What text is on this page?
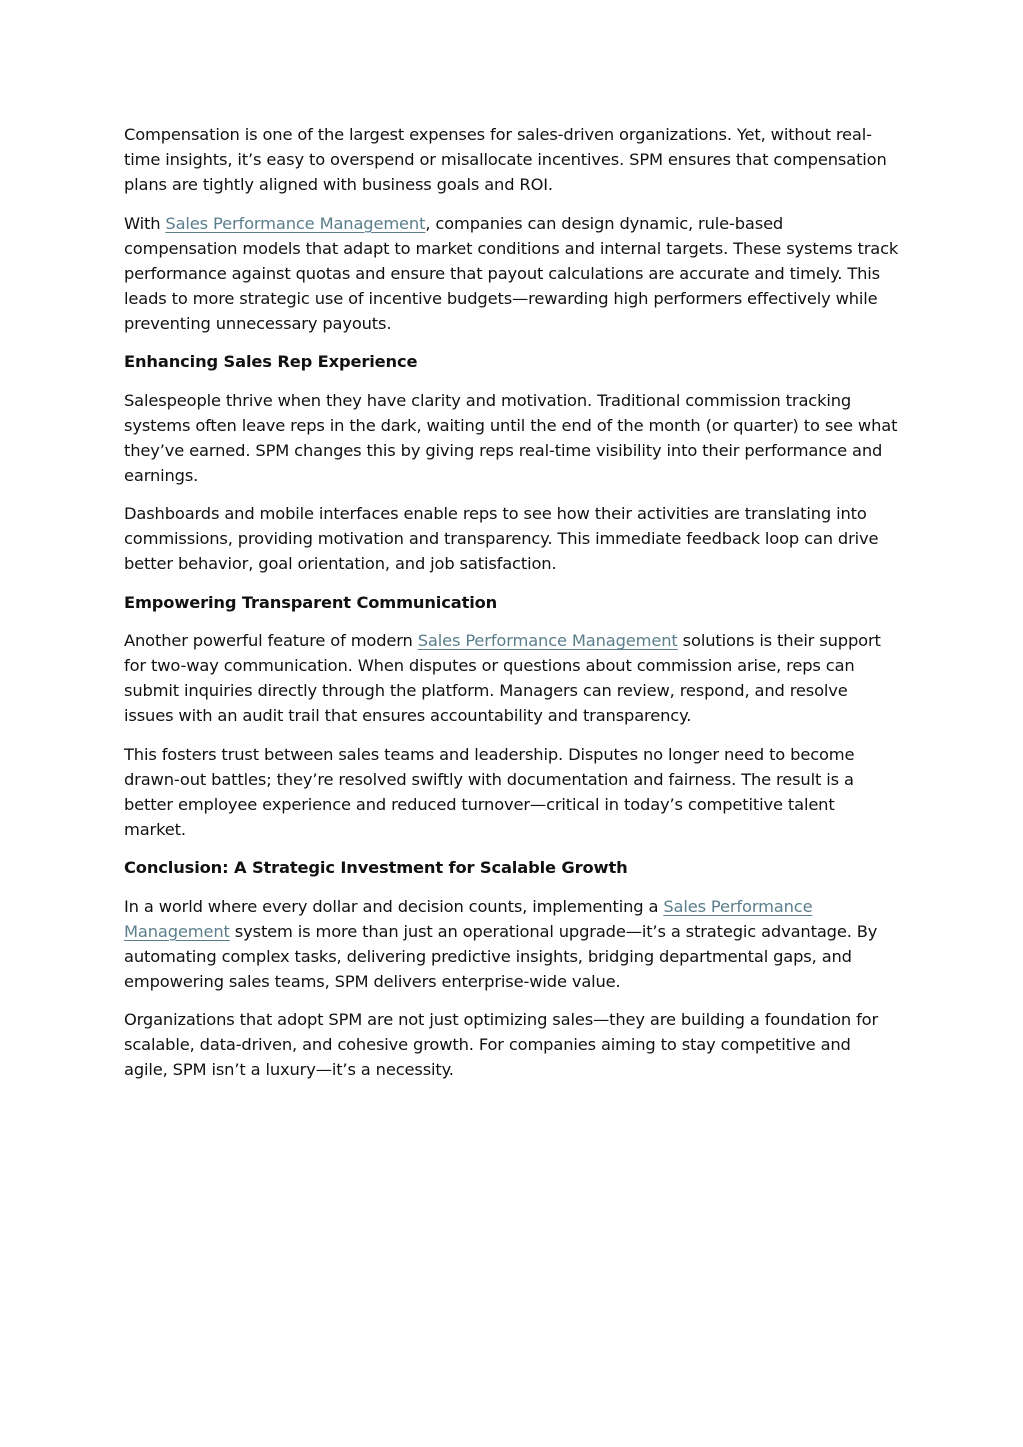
Compensation is one of the largest expenses for sales-driven organizations. Yet, without real-time insights, it’s easy to overspend or misallocate incentives. SPM ensures that compensation plans are tightly aligned with business goals and ROI.

With Sales Performance Management, companies can design dynamic, rule-based compensation models that adapt to market conditions and internal targets. These systems track performance against quotas and ensure that payout calculations are accurate and timely. This leads to more strategic use of incentive budgets—rewarding high performers effectively while preventing unnecessary payouts.

Enhancing Sales Rep Experience

Salespeople thrive when they have clarity and motivation. Traditional commission tracking systems often leave reps in the dark, waiting until the end of the month (or quarter) to see what they’ve earned. SPM changes this by giving reps real-time visibility into their performance and earnings.

Dashboards and mobile interfaces enable reps to see how their activities are translating into commissions, providing motivation and transparency. This immediate feedback loop can drive better behavior, goal orientation, and job satisfaction.

Empowering Transparent Communication

Another powerful feature of modern Sales Performance Management solutions is their support for two-way communication. When disputes or questions about commission arise, reps can submit inquiries directly through the platform. Managers can review, respond, and resolve issues with an audit trail that ensures accountability and transparency.

This fosters trust between sales teams and leadership. Disputes no longer need to become drawn-out battles; they’re resolved swiftly with documentation and fairness. The result is a better employee experience and reduced turnover—critical in today’s competitive talent market.

Conclusion: A Strategic Investment for Scalable Growth

In a world where every dollar and decision counts, implementing a Sales Performance Management system is more than just an operational upgrade—it’s a strategic advantage. By automating complex tasks, delivering predictive insights, bridging departmental gaps, and empowering sales teams, SPM delivers enterprise-wide value.

Organizations that adopt SPM are not just optimizing sales—they are building a foundation for scalable, data-driven, and cohesive growth. For companies aiming to stay competitive and agile, SPM isn’t a luxury—it’s a necessity.
